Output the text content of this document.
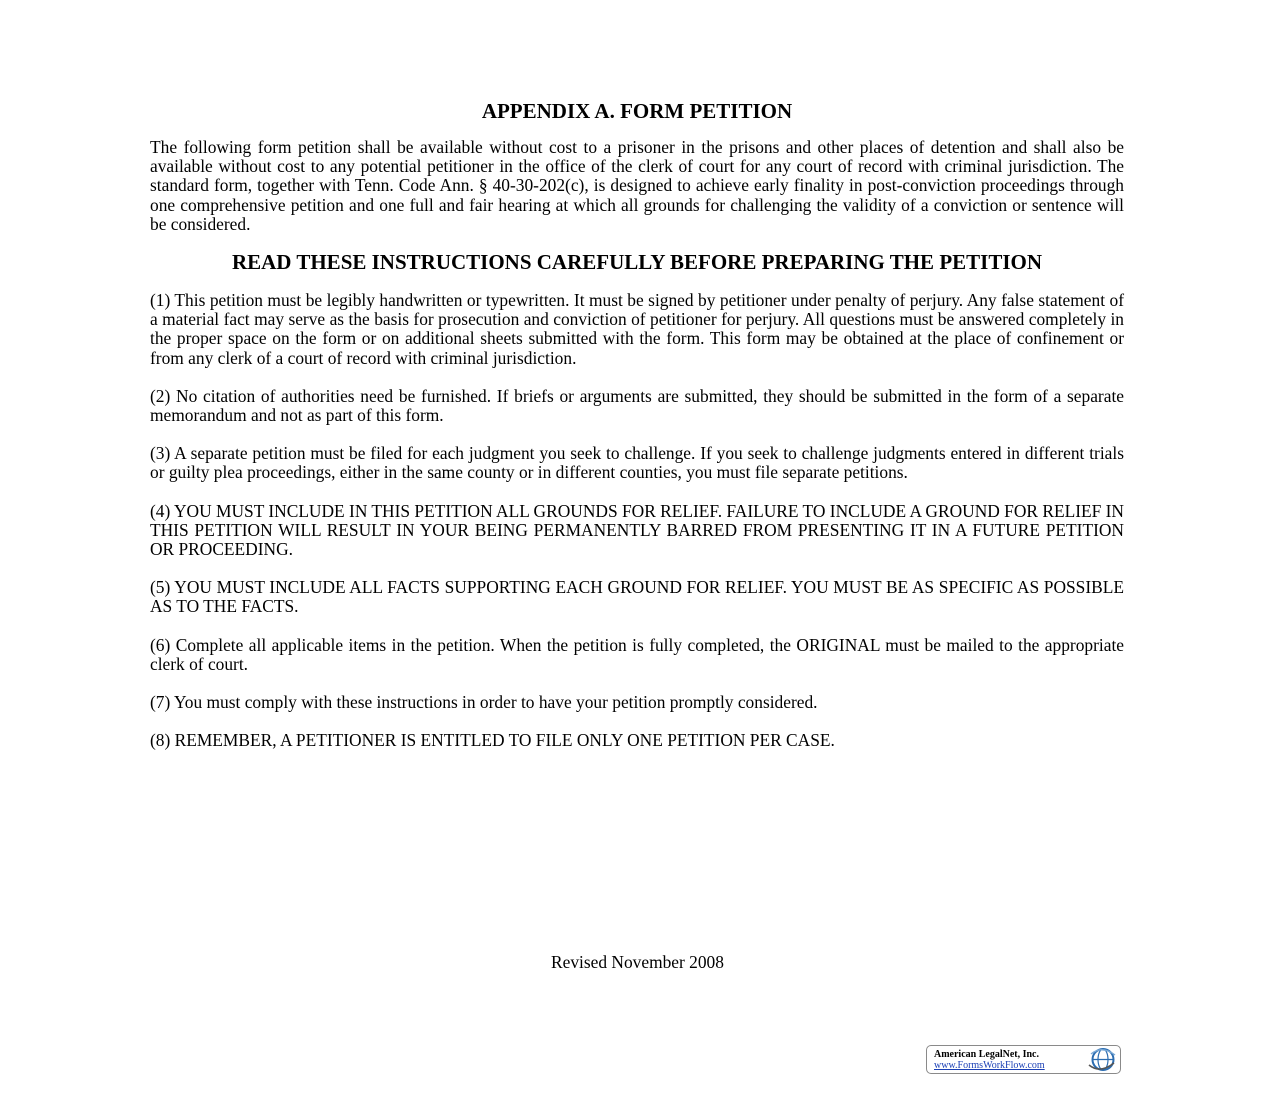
APPENDIX A. FORM PETITION

The following form petition shall be available without cost to a prisoner in the prisons and other places of detention and shall also be available without cost to any potential petitioner in the office of the clerk of court for any court of record with criminal jurisdiction. The standard form, together with Tenn. Code Ann. § 40-30-202(c), is designed to achieve early finality in post-conviction proceedings through one comprehensive petition and one full and fair hearing at which all grounds for challenging the validity of a conviction or sentence will be considered.

READ THESE INSTRUCTIONS CAREFULLY BEFORE PREPARING THE PETITION

(1) This petition must be legibly handwritten or typewritten. It must be signed by petitioner under penalty of perjury. Any false statement of a material fact may serve as the basis for prosecution and conviction of petitioner for perjury. All questions must be answered completely in the proper space on the form or on additional sheets submitted with the form. This form may be obtained at the place of confinement or from any clerk of a court of record with criminal jurisdiction.

(2) No citation of authorities need be furnished. If briefs or arguments are submitted, they should be submitted in the form of a separate memorandum and not as part of this form.

(3) A separate petition must be filed for each judgment you seek to challenge. If you seek to challenge judgments entered in different trials or guilty plea proceedings, either in the same county or in different counties, you must file separate petitions.

(4) YOU MUST INCLUDE IN THIS PETITION ALL GROUNDS FOR RELIEF. FAILURE TO INCLUDE A GROUND FOR RELIEF IN THIS PETITION WILL RESULT IN YOUR BEING PERMANENTLY BARRED FROM PRESENTING IT IN A FUTURE PETITION OR PROCEEDING.

(5) YOU MUST INCLUDE ALL FACTS SUPPORTING EACH GROUND FOR RELIEF. YOU MUST BE AS SPECIFIC AS POSSIBLE AS TO THE FACTS.

(6) Complete all applicable items in the petition. When the petition is fully completed, the ORIGINAL must be mailed to the appropriate clerk of court.

(7) You must comply with these instructions in order to have your petition promptly considered.

(8) REMEMBER, A PETITIONER IS ENTITLED TO FILE ONLY ONE PETITION PER CASE.

Revised November 2008
American LegalNet, Inc.
www.FormsWorkFlow.com
